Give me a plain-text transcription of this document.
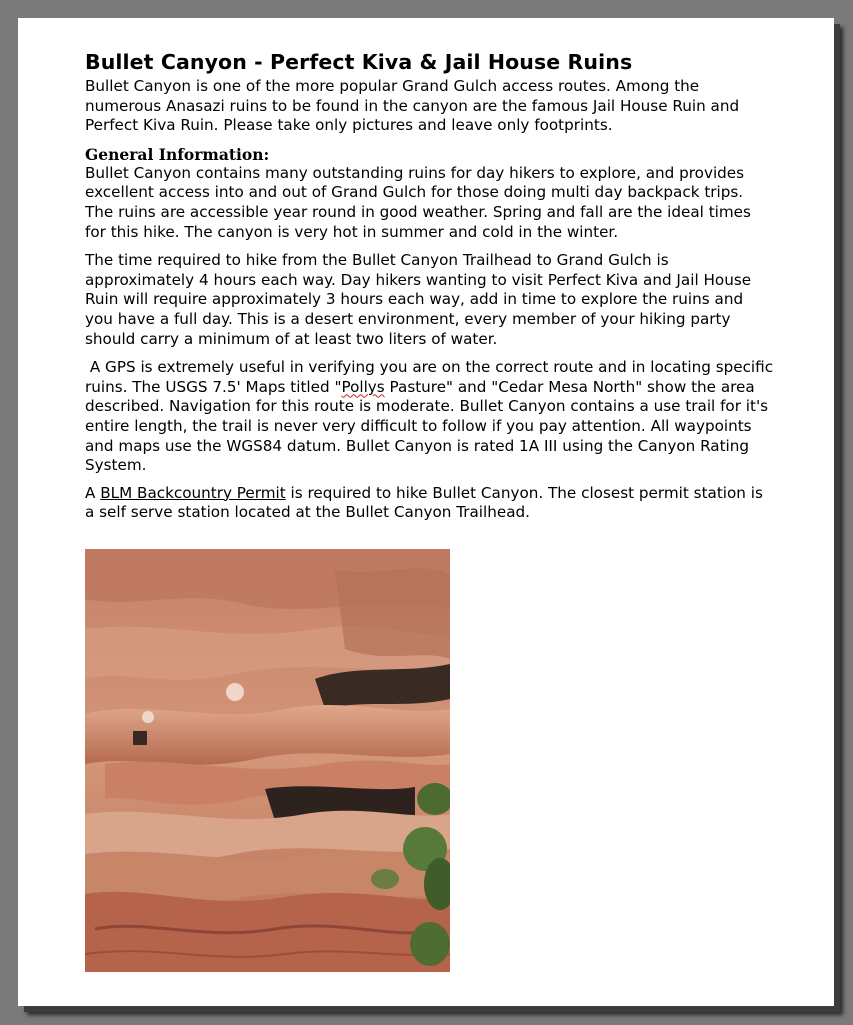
Bullet Canyon - Perfect Kiva & Jail House Ruins

Bullet Canyon is one of the more popular Grand Gulch access routes. Among the numerous Anasazi ruins to be found in the canyon are the famous Jail House Ruin and Perfect Kiva Ruin. Please take only pictures and leave only footprints.

General Information:

Bullet Canyon contains many outstanding ruins for day hikers to explore, and provides excellent access into and out of Grand Gulch for those doing multi day backpack trips. The ruins are accessible year round in good weather. Spring and fall are the ideal times for this hike. The canyon is very hot in summer and cold in the winter.

The time required to hike from the Bullet Canyon Trailhead to Grand Gulch is approximately 4 hours each way. Day hikers wanting to visit Perfect Kiva and Jail House Ruin will require approximately 3 hours each way, add in time to explore the ruins and you have a full day. This is a desert environment, every member of your hiking party should carry a minimum of at least two liters of water.

A GPS is extremely useful in verifying you are on the correct route and in locating specific ruins. The USGS 7.5' Maps titled "Pollys Pasture" and "Cedar Mesa North" show the area described. Navigation for this route is moderate. Bullet Canyon contains a use trail for it's entire length, the trail is never very difficult to follow if you pay attention. All waypoints and maps use the WGS84 datum. Bullet Canyon is rated 1A III using the Canyon Rating System.

A BLM Backcountry Permit is required to hike Bullet Canyon. The closest permit station is a self serve station located at the Bullet Canyon Trailhead.
